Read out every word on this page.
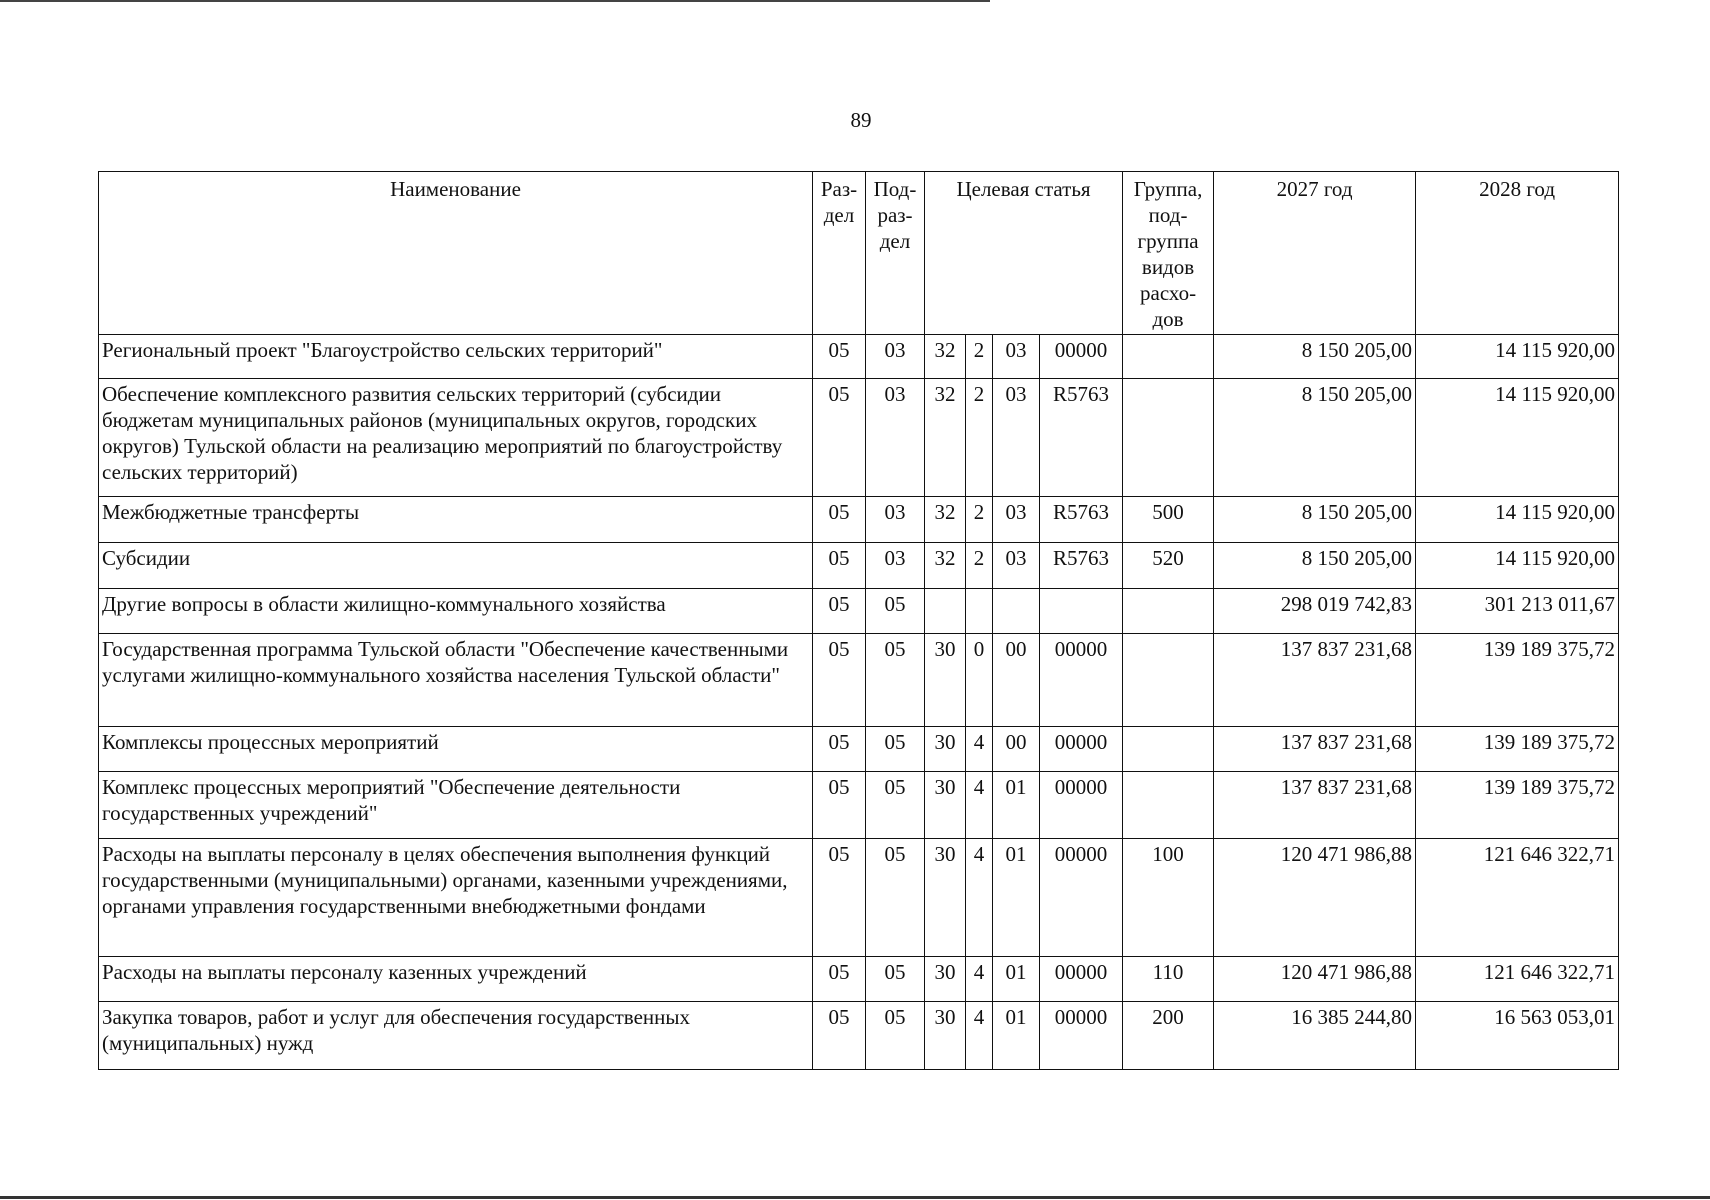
89
Наименование	Раз- дел	Под- раз- дел	Целевая статья				Группа, под- группа видов расхо- дов	2027 год	2028 год
Региональный проект "Благоустройство сельских территорий"	05	03	32	2	03	00000		8 150 205,00	14 115 920,00
Обеспечение комплексного развития сельских территорий (субсидии бюджетам муниципальных районов (муниципальных округов, городских округов) Тульской области на реализацию мероприятий по благоустройству сельских территорий)	05	03	32	2	03	R5763		8 150 205,00	14 115 920,00
Межбюджетные трансферты	05	03	32	2	03	R5763	500	8 150 205,00	14 115 920,00
Субсидии	05	03	32	2	03	R5763	520	8 150 205,00	14 115 920,00
Другие вопросы в области жилищно-коммунального хозяйства	05	05						298 019 742,83	301 213 011,67
Государственная программа Тульской области "Обеспечение качественными услугами жилищно-коммунального хозяйства населения Тульской области"	05	05	30	0	00	00000		137 837 231,68	139 189 375,72
Комплексы процессных мероприятий	05	05	30	4	00	00000		137 837 231,68	139 189 375,72
Комплекс процессных мероприятий "Обеспечение деятельности государственных учреждений"	05	05	30	4	01	00000		137 837 231,68	139 189 375,72
Расходы на выплаты персоналу в целях обеспечения выполнения функций государственными (муниципальными) органами, казенными учреждениями, органами управления государственными внебюджетными фондами	05	05	30	4	01	00000	100	120 471 986,88	121 646 322,71
Расходы на выплаты персоналу казенных учреждений	05	05	30	4	01	00000	110	120 471 986,88	121 646 322,71
Закупка товаров, работ и услуг для обеспечения государственных (муниципальных) нужд	05	05	30	4	01	00000	200	16 385 244,80	16 563 053,01
